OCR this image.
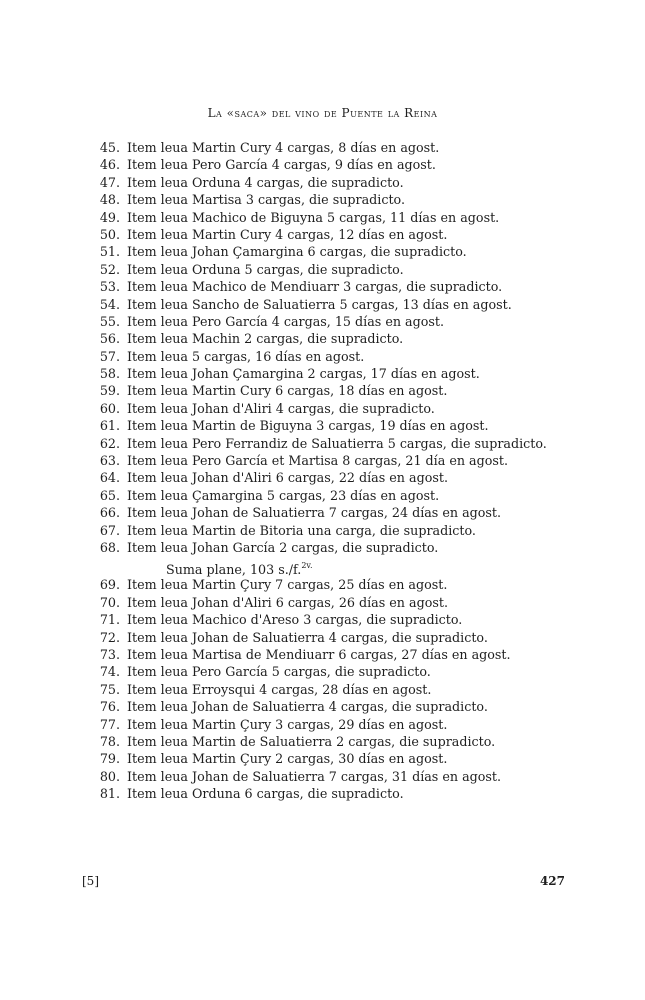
La «saca» del vino de Puente la Reina
45. Item leua Martin Cury 4 cargas, 8 días en agost.
46. Item leua Pero García 4 cargas, 9 días en agost.
47. Item leua Orduna 4 cargas, die supradicto.
48. Item leua Martisa 3 cargas, die supradicto.
49. Item leua Machico de Biguyna 5 cargas, 11 días en agost.
50. Item leua Martin Cury 4 cargas, 12 días en agost.
51. Item leua Johan Çamargina 6 cargas, die supradicto.
52. Item leua Orduna 5 cargas, die supradicto.
53. Item leua Machico de Mendiuarr 3 cargas, die supradicto.
54. Item leua Sancho de Saluatierra 5 cargas, 13 días en agost.
55. Item leua Pero García 4 cargas, 15 días en agost.
56. Item leua Machin 2 cargas, die supradicto.
57. Item leua 5 cargas, 16 días en agost.
58. Item leua Johan Çamargina 2 cargas, 17 días en agost.
59. Item leua Martin Cury 6 cargas, 18 días en agost.
60. Item leua Johan d'Aliri 4 cargas, die supradicto.
61. Item leua Martin de Biguyna 3 cargas, 19 días en agost.
62. Item leua Pero Ferrandiz de Saluatierra 5 cargas, die supradicto.
63. Item leua Pero García et Martisa 8 cargas, 21 día en agost.
64. Item leua Johan d'Aliri 6 cargas, 22 días en agost.
65. Item leua Çamargina 5 cargas, 23 días en agost.
66. Item leua Johan de Saluatierra 7 cargas, 24 días en agost.
67. Item leua Martin de Bitoria una carga, die supradicto.
68. Item leua Johan García 2 cargas, die supradicto.
Suma plane, 103 s./f.$^{2v.}$
69. Item leua Martin Çury 7 cargas, 25 días en agost.
70. Item leua Johan d'Aliri 6 cargas, 26 días en agost.
71. Item leua Machico d'Areso 3 cargas, die supradicto.
72. Item leua Johan de Saluatierra 4 cargas, die supradicto.
73. Item leua Martisa de Mendiuarr 6 cargas, 27 días en agost.
74. Item leua Pero García 5 cargas, die supradicto.
75. Item leua Erroysqui 4 cargas, 28 días en agost.
76. Item leua Johan de Saluatierra 4 cargas, die supradicto.
77. Item leua Martin Çury 3 cargas, 29 días en agost.
78. Item leua Martin de Saluatierra 2 cargas, die supradicto.
79. Item leua Martin Çury 2 cargas, 30 días en agost.
80. Item leua Johan de Saluatierra 7 cargas, 31 días en agost.
81. Item leua Orduna 6 cargas, die supradicto.
[5]	427
